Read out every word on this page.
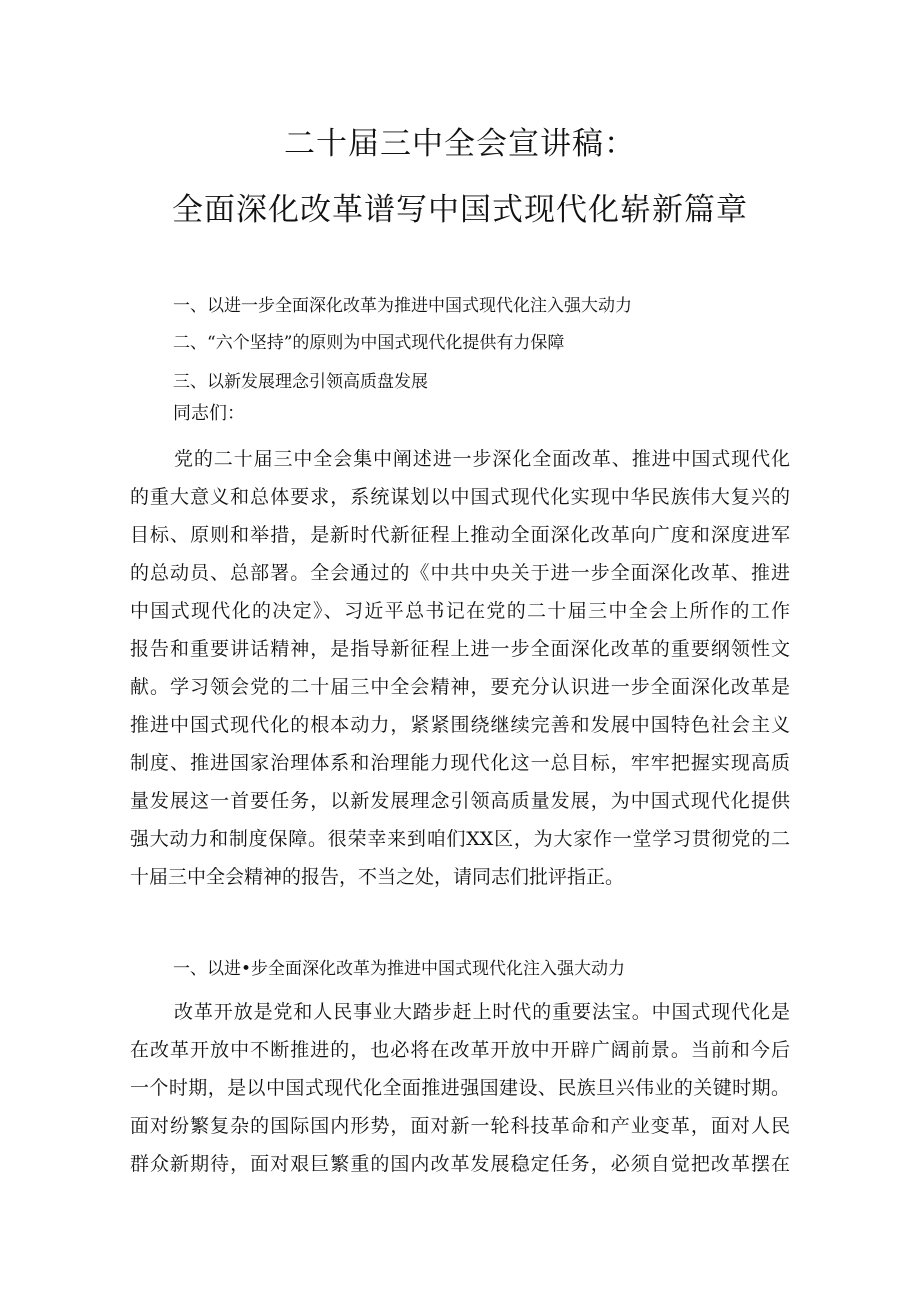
二十届三中全会宣讲稿：
全面深化改革谱写中国式现代化崭新篇章
一、以进一步全面深化改革为推进中国式现代化注入强大动力
二、“六个坚持”的原则为中国式现代化提供有力保障
三、以新发展理念引领高质盘发展
同志们：
党的二十届三中全会集中阐述进一步深化全面改革、推进中国式现代化
的重大意义和总体要求，系统谋划以中国式现代化实现中华民族伟大复兴的
目标、原则和举措，是新时代新征程上推动全面深化改革向广度和深度进军
的总动员、总部署。全会通过的《中共中央关于进一步全面深化改革、推进
中国式现代化的决定》、习近平总书记在党的二十届三中全会上所作的工作
报告和重要讲话精神，是指导新征程上进一步全面深化改革的重要纲领性文
献。学习领会党的二十届三中全会精神，要充分认识进一步全面深化改革是
推进中国式现代化的根本动力，紧紧围绕继续完善和发展中国特色社会主义
制度、推进国家治理体系和治理能力现代化这一总目标，牢牢把握实现高质
量发展这一首要任务，以新发展理念引领高质量发展，为中国式现代化提供
强大动力和制度保障。很荣幸来到咱们XX区，为大家作一堂学习贯彻党的二
十届三中全会精神的报告，不当之处，请同志们批评指正。
一、以进•步全面深化改革为推进中国式现代化注入强大动力
改革开放是党和人民事业大踏步赶上时代的重要法宝。中国式现代化是
在改革开放中不断推进的，也必将在改革开放中开辟广阔前景。当前和今后
一个时期，是以中国式现代化全面推进强国建设、民族旦兴伟业的关键时期。
面对纷繁复杂的国际国内形势，面对新一轮科技革命和产业变革，面对人民
群众新期待，面对艰巨繁重的国内改革发展稳定任务，必须自觉把改革摆在
